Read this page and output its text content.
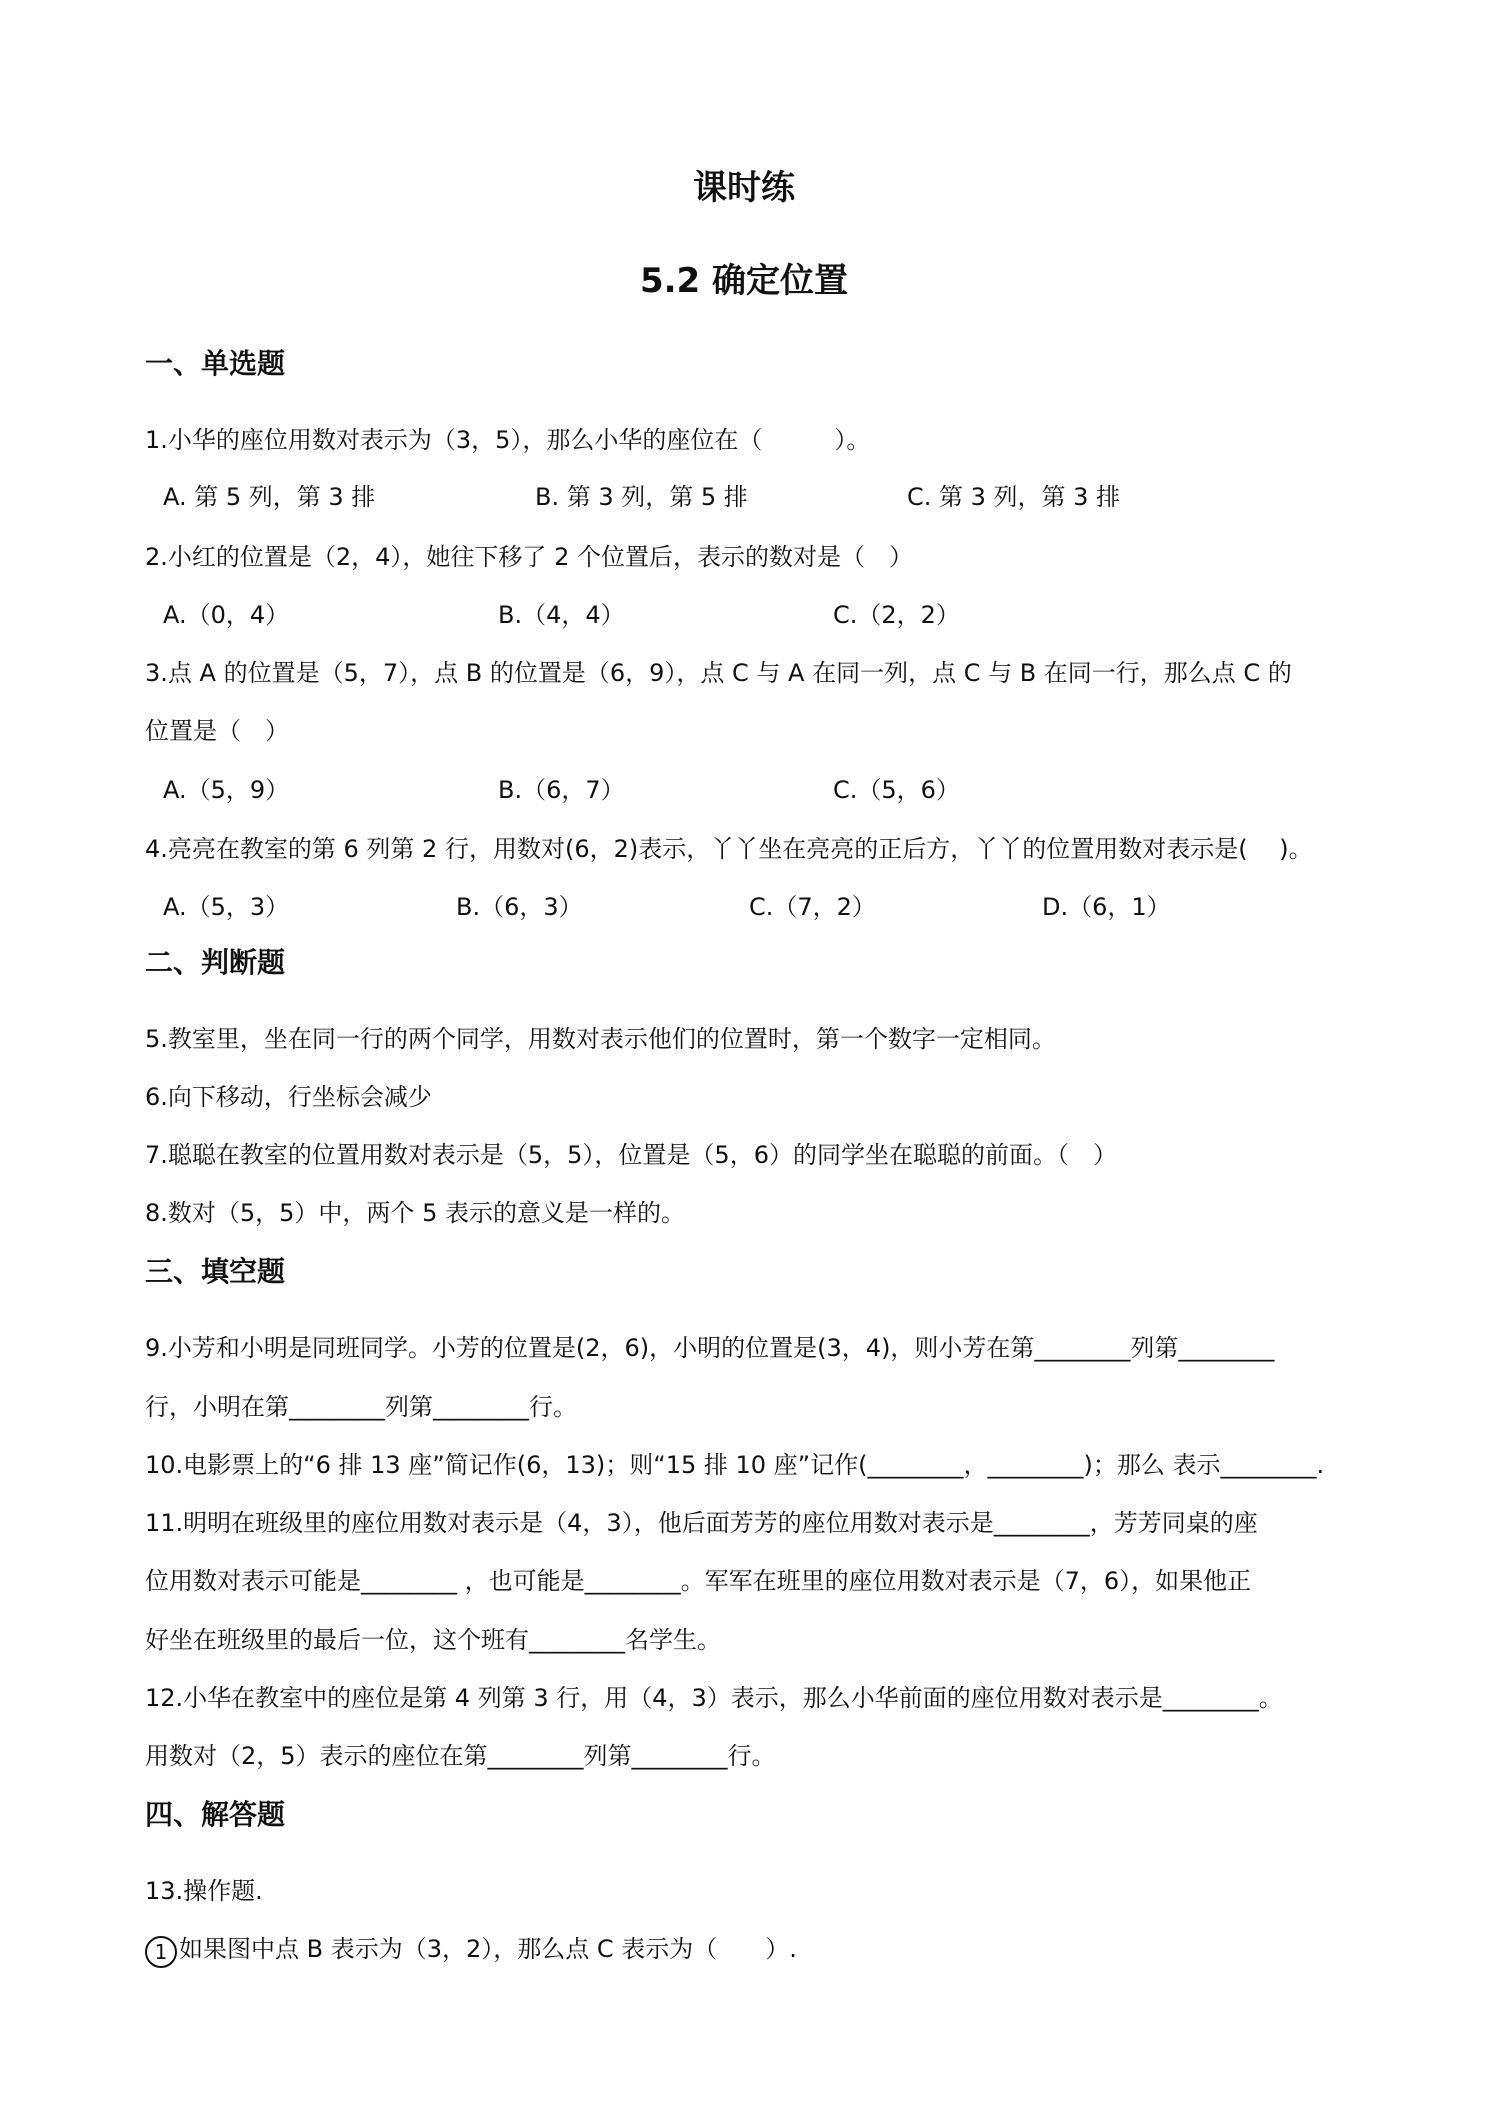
课时练
5.2 确定位置
一、单选题
1.小华的座位用数对表示为（3，5），那么小华的座位在（　　　）。
A. 第 5 列，第 3 排	B. 第 3 列，第 5 排	C. 第 3 列，第 3 排
2.小红的位置是（2，4），她往下移了 2 个位置后，表示的数对是（　）
A.（0，4）	B.（4，4）	C.（2，2）
3.点 A 的位置是（5，7），点 B 的位置是（6，9），点 C 与 A 在同一列，点 C 与 B 在同一行，那么点 C 的
位置是（　）
A.（5，9）	B.（6，7）	C.（5，6）
4.亮亮在教室的第 6 列第 2 行，用数对(6，2)表示，丫丫坐在亮亮的正后方，丫丫的位置用数对表示是(　 )。
A.（5，3）	B.（6，3）	C.（7，2）	D.（6，1）
二、判断题
5.教室里，坐在同一行的两个同学，用数对表示他们的位置时，第一个数字一定相同。
6.向下移动，行坐标会减少
7.聪聪在教室的位置用数对表示是（5，5），位置是（5，6）的同学坐在聪聪的前面。（　）
8.数对（5，5）中，两个 5 表示的意义是一样的。
三、填空题
9.小芳和小明是同班同学。小芳的位置是(2，6)，小明的位置是(3，4)，则小芳在第________列第________
行，小明在第________列第________行。
10.电影票上的“6 排 13 座”简记作(6，13)；则“15 排 10 座”记作(________，________)；那么 表示________.
11.明明在班级里的座位用数对表示是（4，3），他后面芳芳的座位用数对表示是________，芳芳同桌的座
位用数对表示可能是________ ，也可能是________。军军在班里的座位用数对表示是（7，6），如果他正
好坐在班级里的最后一位，这个班有________名学生。
12.小华在教室中的座位是第 4 列第 3 行，用（4，3）表示，那么小华前面的座位用数对表示是________。
用数对（2，5）表示的座位在第________列第________行。
四、解答题
13.操作题.
1 如果图中点 B 表示为（3，2），那么点 C 表示为（　　）.
